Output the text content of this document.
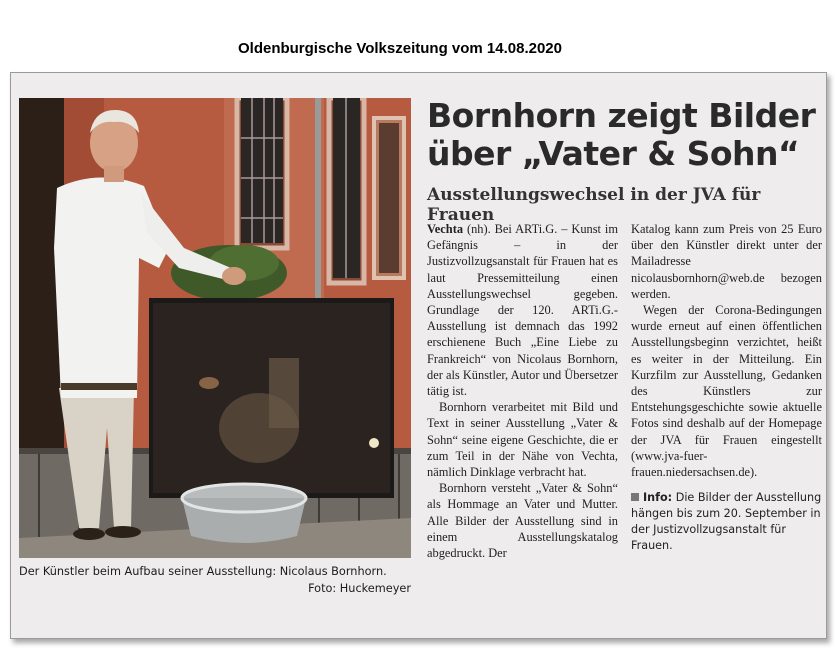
Oldenburgische Volkszeitung vom 14.08.2020
Der Künstler beim Aufbau seiner Ausstellung: Nicolaus Bornhorn.
Foto: Huckemeyer
Bornhorn zeigt Bilder über „Vater & Sohn“
Ausstellungswechsel in der JVA für Frauen

Vechta (nh). Bei ARTi.G. – Kunst im Gefängnis – in der Justizvollzugsanstalt für Frauen hat es laut Pressemitteilung einen Ausstellungswechsel gegeben. Grundlage der 120. ARTi.G.-Ausstellung ist demnach das 1992 erschienene Buch „Eine Liebe zu Frankreich“ von Nicolaus Bornhorn, der als Künstler, Autor und Übersetzer tätig ist.

Bornhorn verarbeitet mit Bild und Text in seiner Ausstellung „Vater & Sohn“ seine eigene Geschichte, die er zum Teil in der Nähe von Vechta, nämlich Dinklage verbracht hat.

Bornhorn versteht „Vater & Sohn“ als Hommage an Vater und Mutter. Alle Bilder der Ausstellung sind in einem Ausstellungskatalog abgedruckt. Der

Katalog kann zum Preis von 25 Euro über den Künstler direkt unter der Mailadresse nicolausbornhorn@web.de bezogen werden.

Wegen der Corona-Bedingungen wurde erneut auf einen öffentlichen Ausstellungsbeginn verzichtet, heißt es weiter in der Mitteilung. Ein Kurzfilm zur Ausstellung, Gedanken des Künstlers zur Entstehungsgeschichte sowie aktuelle Fotos sind deshalb auf der Homepage der JVA für Frauen eingestellt (www.jva-fuer-frauen.niedersachsen.de).

Info: Die Bilder der Ausstellung hängen bis zum 20. September in der Justizvollzugsanstalt für Frauen.
